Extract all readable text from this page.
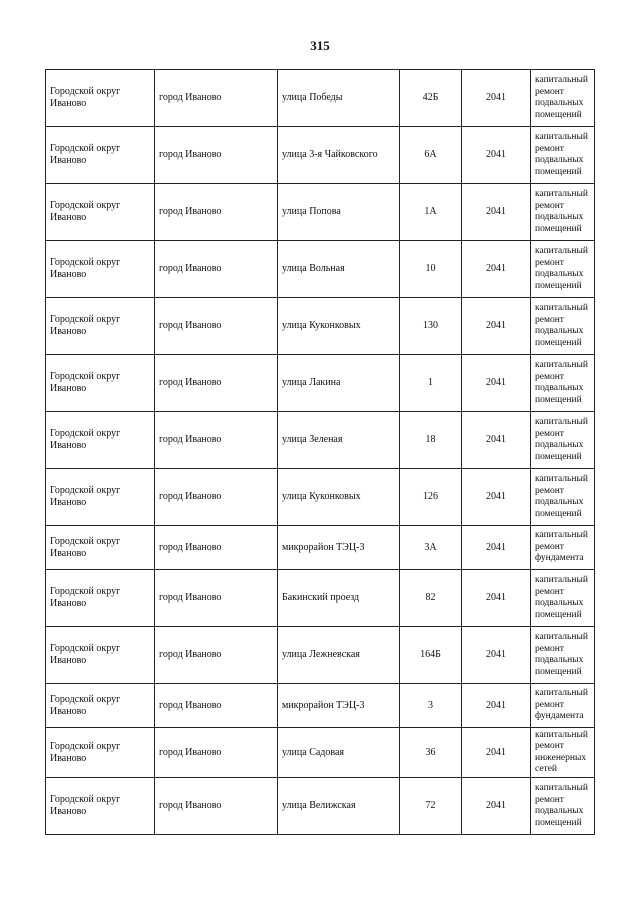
315
Городской округ Иваново	город Иваново	улица Победы	42Б	2041	капитальный ремонт подвальных помещений
Городской округ Иваново	город Иваново	улица 3-я Чайковского	6А	2041	капитальный ремонт подвальных помещений
Городской округ Иваново	город Иваново	улица Попова	1А	2041	капитальный ремонт подвальных помещений
Городской округ Иваново	город Иваново	улица Вольная	10	2041	капитальный ремонт подвальных помещений
Городской округ Иваново	город Иваново	улица Куконковых	130	2041	капитальный ремонт подвальных помещений
Городской округ Иваново	город Иваново	улица Лакина	1	2041	капитальный ремонт подвальных помещений
Городской округ Иваново	город Иваново	улица Зеленая	18	2041	капитальный ремонт подвальных помещений
Городской округ Иваново	город Иваново	улица Куконковых	126	2041	капитальный ремонт подвальных помещений
Городской округ Иваново	город Иваново	микрорайон ТЭЦ-3	3А	2041	капитальный ремонт фундамента
Городской округ Иваново	город Иваново	Бакинский проезд	82	2041	капитальный ремонт подвальных помещений
Городской округ Иваново	город Иваново	улица Лежневская	164Б	2041	капитальный ремонт подвальных помещений
Городской округ Иваново	город Иваново	микрорайон ТЭЦ-3	3	2041	капитальный ремонт фундамента
Городской округ Иваново	город Иваново	улица Садовая	36	2041	капитальный ремонт инженерных сетей
Городской округ Иваново	город Иваново	улица Велижская	72	2041	капитальный ремонт подвальных помещений
